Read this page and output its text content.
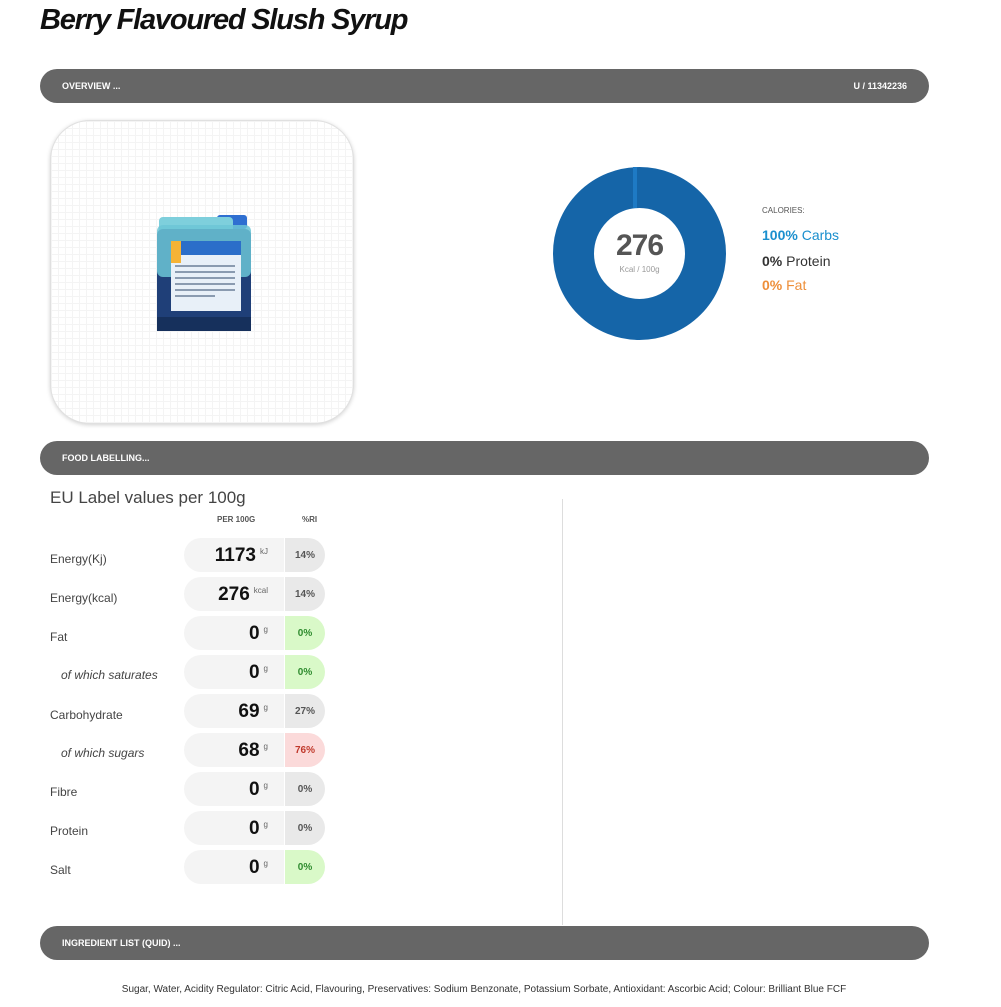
Berry Flavoured Slush Syrup
OVERVIEW ...	U / 11342236
276
Kcal / 100g
CALORIES:
100% Carbs
0% Protein
0% Fat
FOOD LABELLING...
EU Label values per 100g
PER 100G	%RI
Energy(Kj)	1173 kJ	14%
Energy(kcal)	276 kcal	14%
Fat	0 g	0%
of which saturates	0 g	0%
Carbohydrate	69 g	27%
of which sugars	68 g	76%
Fibre	0 g	0%
Protein	0 g	0%
Salt	0 g	0%
INGREDIENT LIST (QUID) ...
Sugar, Water, Acidity Regulator: Citric Acid, Flavouring, Preservatives: Sodium Benzonate, Potassium Sorbate, Antioxidant: Ascorbic Acid; Colour: Brilliant Blue FCF
